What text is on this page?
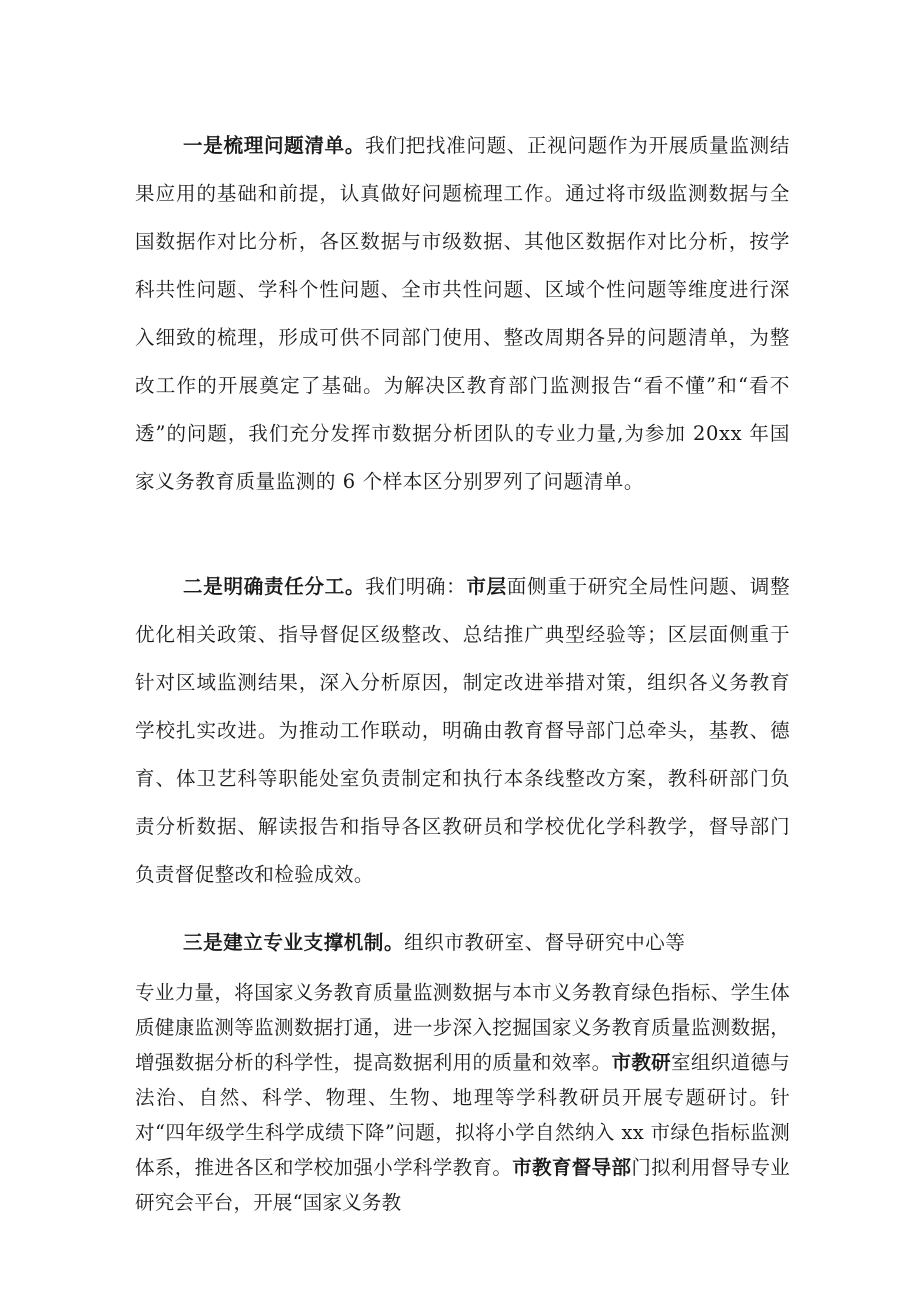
一是梳理问题清单。我们把找准问题、正视问题作为开展质量监测结果应用的基础和前提，认真做好问题梳理工作。通过将市级监测数据与全国数据作对比分析，各区数据与市级数据、其他区数据作对比分析，按学科共性问题、学科个性问题、全市共性问题、区域个性问题等维度进行深入细致的梳理，形成可供不同部门使用、整改周期各异的问题清单，为整改工作的开展奠定了基础。为解决区教育部门监测报告“看不懂”和“看不透”的问题，我们充分发挥市数据分析团队的专业力量,为参加 20xx 年国家义务教育质量监测的 6 个样本区分别罗列了问题清单。

二是明确责任分工。我们明确：市层面侧重于研究全局性问题、调整优化相关政策、指导督促区级整改、总结推广典型经验等；区层面侧重于针对区域监测结果，深入分析原因，制定改进举措对策，组织各义务教育学校扎实改进。为推动工作联动，明确由教育督导部门总牵头，基教、德育、体卫艺科等职能处室负责制定和执行本条线整改方案，教科研部门负责分析数据、解读报告和指导各区教研员和学校优化学科教学，督导部门负责督促整改和检验成效。

三是建立专业支撑机制。组织市教研室、督导研究中心等

专业力量，将国家义务教育质量监测数据与本市义务教育绿色指标、学生体质健康监测等监测数据打通，进一步深入挖掘国家义务教育质量监测数据，增强数据分析的科学性，提高数据利用的质量和效率。市教研室组织道德与法治、自然、科学、物理、生物、地理等学科教研员开展专题研讨。针对“四年级学生科学成绩下降”问题，拟将小学自然纳入 xx 市绿色指标监测体系，推进各区和学校加强小学科学教育。市教育督导部门拟利用督导专业研究会平台，开展“国家义务教
